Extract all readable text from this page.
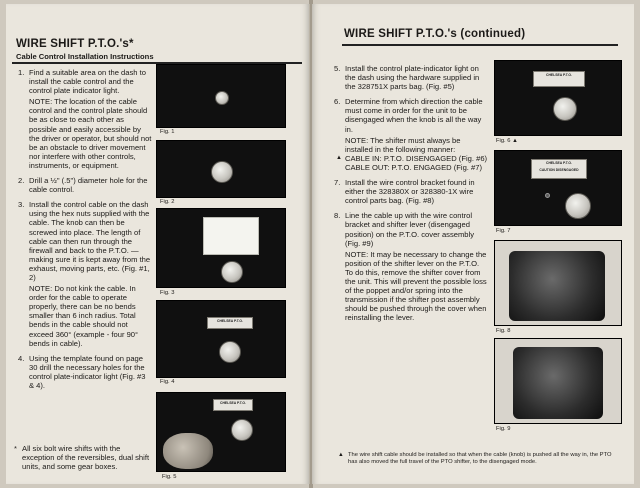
WIRE SHIFT P.T.O.'s*
Cable Control Installation Instructions
1. Find a suitable area on the dash to install the cable control and the control plate indicator light.
NOTE: The location of the cable control and the control plate should be as close to each other as possible and easily accessible by the driver or operator, but should not be an obstacle to driver movement nor interfere with other controls, instruments, or equipment.
2. Drill a ½" (.5") diameter hole for the cable control.
3. Install the control cable on the dash using the hex nuts supplied with the cable. The knob can then be screwed into place. The length of cable can then run through the firewall and back to the P.T.O. — making sure it is kept away from the exhaust, moving parts, etc. (Fig. #1, 2)
NOTE: Do not kink the cable. In order for the cable to operate properly, there can be no bends smaller than 6 inch radius. Total bends in the cable should not exceed 360° (example - four 90° bends in cable).
4. Using the template found on page 30 drill the necessary holes for the control plate-indicator light (Fig. #3 & 4).
* All six bolt wire shifts with the exception of the reversibles, dual shift units, and some gear boxes.
Fig. 1
Fig. 2
Fig. 3
CHELSEA P.T.O.
Fig. 4
CHELSEA P.T.O.
Fig. 5
WIRE SHIFT P.T.O.'s (continued)
5. Install the control plate-indicator light on the dash using the hardware supplied in the 328751X parts bag. (Fig. #5)
6. Determine from which direction the cable must come in order for the unit to be disengaged when the knob is all the way in.
NOTE: The shifter must always be installed in the following manner:
▲ CABLE IN: P.T.O. DISENGAGED (Fig. #6)
CABLE OUT: P.T.O. ENGAGED (Fig. #7)
7. Install the wire control bracket found in either the 328380X or 328380-1X wire control parts bag. (Fig. #8)
8. Line the cable up with the wire control bracket and shifter lever (disengaged position) on the P.T.O. cover assembly (Fig. #9)
NOTE: It may be necessary to change the position of the shifter lever on the P.T.O. To do this, remove the shifter cover from the unit. This will prevent the possible loss of the poppet and/or spring into the transmission if the shifter post assembly should be pushed through the cover when reinstalling the lever.
CHELSEA P.T.O.
Fig. 6 ▲
CHELSEA P.T.O.
CAUTION DISENGAGED
Fig. 7
Fig. 8
Fig. 9
▲ The wire shift cable should be installed so that when the cable (knob) is pushed all the way in, the PTO has also moved the full travel of the PTO shifter, to the disengaged mode.
